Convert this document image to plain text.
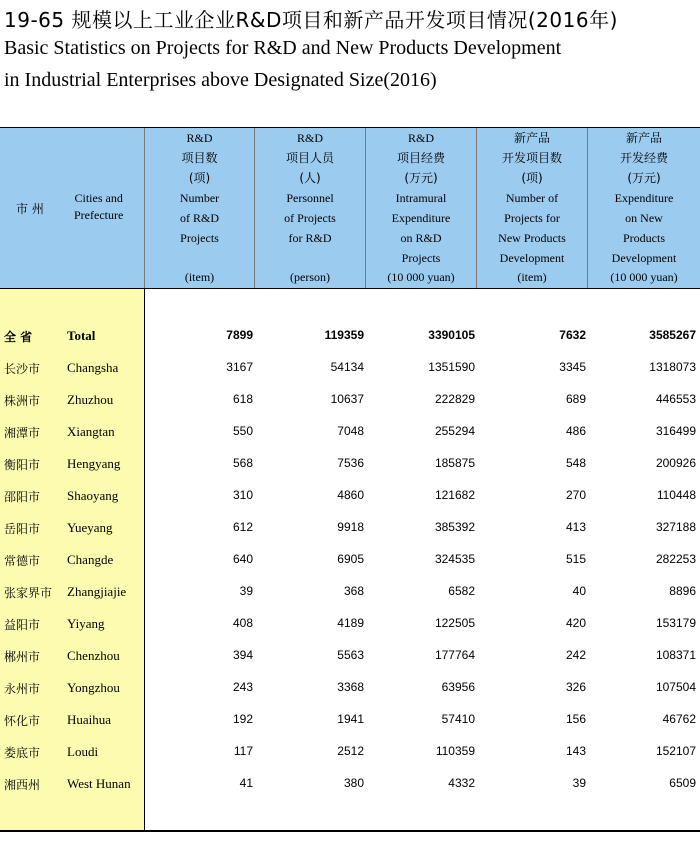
19-65 规模以上工业企业R&D项目和新产品开发项目情况(2016年)
Basic Statistics on Projects for R&D and New Products Development
in Industrial Enterprises above Designated Size(2016)
市 州
Cities and
Prefecture
R&D
项目数
(项)
Number
of R&D
Projects
(item)
R&D
项目人员
(人)
Personnel
of Projects
for R&D
(person)
R&D
项目经费
(万元)
Intramural
Expenditure
on R&D
Projects
(10 000 yuan)
新产品
开发项目数
(项)
Number of
Projects for
New Products
Development
(item)
新产品
开发经费
(万元)
Expenditure
on New
Products
Development
(10 000 yuan)
全 省	Total	7899	119359	3390105	7632	3585267
长沙市 Changsha	3167	54134	1351590	3345	1318073
株洲市 Zhuzhou	618	10637	222829	689	446553
湘潭市 Xiangtan	550	7048	255294	486	316499
衡阳市 Hengyang	568	7536	185875	548	200926
邵阳市 Shaoyang	310	4860	121682	270	110448
岳阳市 Yueyang	612	9918	385392	413	327188
常德市 Changde	640	6905	324535	515	282253
张家界市 Zhangjiajie	39	368	6582	40	8896
益阳市 Yiyang	408	4189	122505	420	153179
郴州市 Chenzhou	394	5563	177764	242	108371
永州市 Yongzhou	243	3368	63956	326	107504
怀化市 Huaihua	192	1941	57410	156	46762
娄底市 Loudi	117	2512	110359	143	152107
湘西州 West Hunan	41	380	4332	39	6509
